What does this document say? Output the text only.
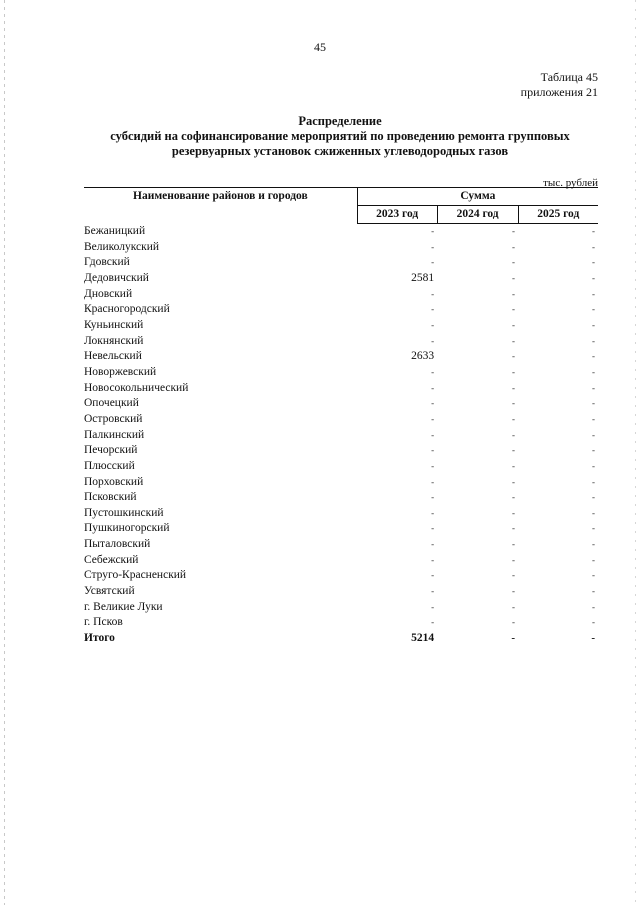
45
Таблица 45
приложения 21
Распределение
субсидий на софинансирование мероприятий по проведению ремонта групповых
резервуарных установок сжиженных углеводородных газов
тыс. рублей
Наименование районов и городов	Сумма		
	2023 год	2024 год	2025 год
Бежаницкий	-	-	-
Великолукский	-	-	-
Гдовский	-	-	-
Дедовичский	2581	-	-
Дновский	-	-	-
Красногородский	-	-	-
Куньинский	-	-	-
Локнянский	-	-	-
Невельский	2633	-	-
Новоржевский	-	-	-
Новосокольнический	-	-	-
Опочецкий	-	-	-
Островский	-	-	-
Палкинский	-	-	-
Печорский	-	-	-
Плюсский	-	-	-
Порховский	-	-	-
Псковский	-	-	-
Пустошкинский	-	-	-
Пушкиногорский	-	-	-
Пыталовский	-	-	-
Себежский	-	-	-
Струго-Красненский	-	-	-
Усвятский	-	-	-
г. Великие Луки	-	-	-
г. Псков	-	-	-
Итого	5214	-	-
